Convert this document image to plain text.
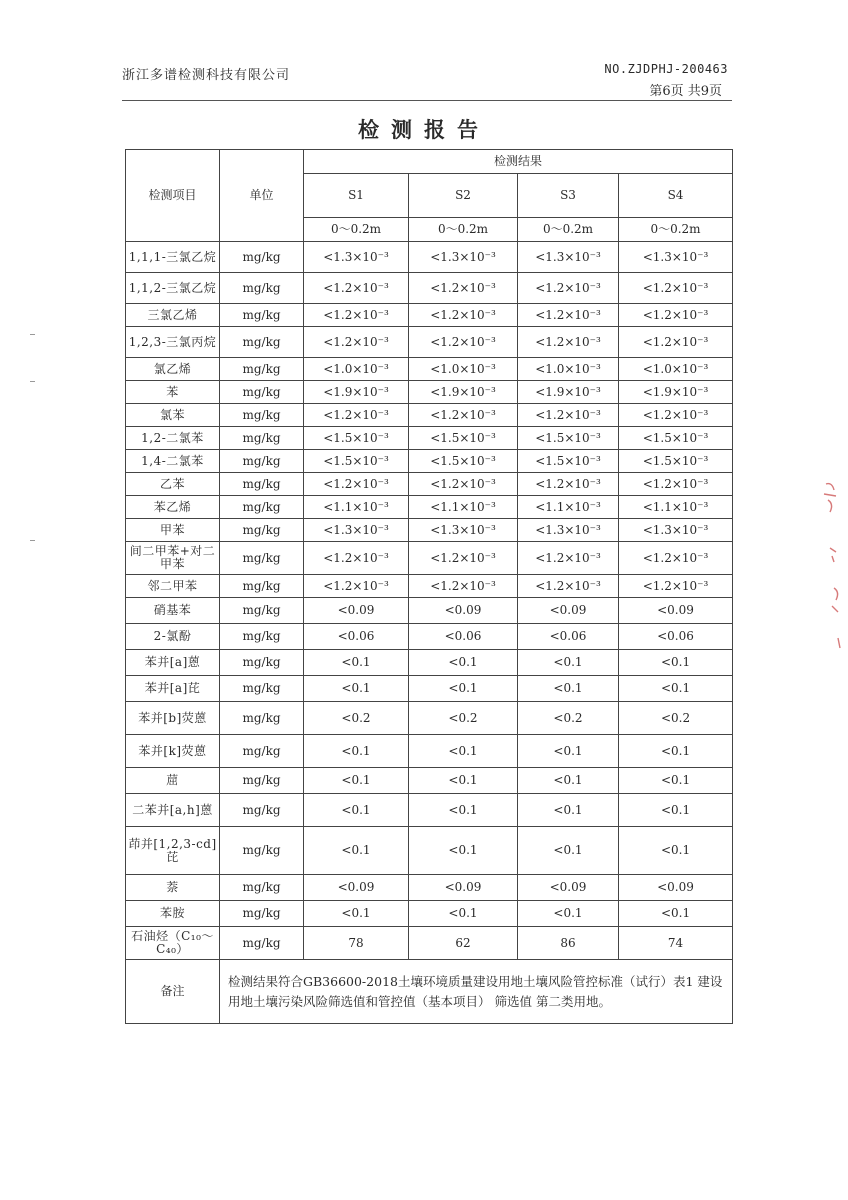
浙江多谱检测科技有限公司	NO.ZJDPHJ-200463
第6页 共9页
检测报告
检测项目	单位	检测结果			
		S1	S2	S3	S4
		0～0.2m	0～0.2m	0～0.2m	0～0.2m
1,1,1-三氯乙烷	mg/kg	<1.3×10⁻³	<1.3×10⁻³	<1.3×10⁻³	<1.3×10⁻³
1,1,2-三氯乙烷	mg/kg	<1.2×10⁻³	<1.2×10⁻³	<1.2×10⁻³	<1.2×10⁻³
三氯乙烯	mg/kg	<1.2×10⁻³	<1.2×10⁻³	<1.2×10⁻³	<1.2×10⁻³
1,2,3-三氯丙烷	mg/kg	<1.2×10⁻³	<1.2×10⁻³	<1.2×10⁻³	<1.2×10⁻³
氯乙烯	mg/kg	<1.0×10⁻³	<1.0×10⁻³	<1.0×10⁻³	<1.0×10⁻³
苯	mg/kg	<1.9×10⁻³	<1.9×10⁻³	<1.9×10⁻³	<1.9×10⁻³
氯苯	mg/kg	<1.2×10⁻³	<1.2×10⁻³	<1.2×10⁻³	<1.2×10⁻³
1,2-二氯苯	mg/kg	<1.5×10⁻³	<1.5×10⁻³	<1.5×10⁻³	<1.5×10⁻³
1,4-二氯苯	mg/kg	<1.5×10⁻³	<1.5×10⁻³	<1.5×10⁻³	<1.5×10⁻³
乙苯	mg/kg	<1.2×10⁻³	<1.2×10⁻³	<1.2×10⁻³	<1.2×10⁻³
苯乙烯	mg/kg	<1.1×10⁻³	<1.1×10⁻³	<1.1×10⁻³	<1.1×10⁻³
甲苯	mg/kg	<1.3×10⁻³	<1.3×10⁻³	<1.3×10⁻³	<1.3×10⁻³
间二甲苯+对二甲苯	mg/kg	<1.2×10⁻³	<1.2×10⁻³	<1.2×10⁻³	<1.2×10⁻³
邻二甲苯	mg/kg	<1.2×10⁻³	<1.2×10⁻³	<1.2×10⁻³	<1.2×10⁻³
硝基苯	mg/kg	<0.09	<0.09	<0.09	<0.09
2-氯酚	mg/kg	<0.06	<0.06	<0.06	<0.06
苯并[a]蒽	mg/kg	<0.1	<0.1	<0.1	<0.1
苯并[a]芘	mg/kg	<0.1	<0.1	<0.1	<0.1
苯并[b]荧蒽	mg/kg	<0.2	<0.2	<0.2	<0.2
苯并[k]荧蒽	mg/kg	<0.1	<0.1	<0.1	<0.1
䓛	mg/kg	<0.1	<0.1	<0.1	<0.1
二苯并[a,h]蒽	mg/kg	<0.1	<0.1	<0.1	<0.1
茚并[1,2,3-cd]芘	mg/kg	<0.1	<0.1	<0.1	<0.1
萘	mg/kg	<0.09	<0.09	<0.09	<0.09
苯胺	mg/kg	<0.1	<0.1	<0.1	<0.1
石油烃（C₁₀～C₄₀）	mg/kg	78	62	86	74
备注	检测结果符合GB36600-2018土壤环境质量建设用地土壤风险管控标准（试行）表1 建设用地土壤污染风险筛选值和管控值（基本项目） 筛选值 第二类用地。				
